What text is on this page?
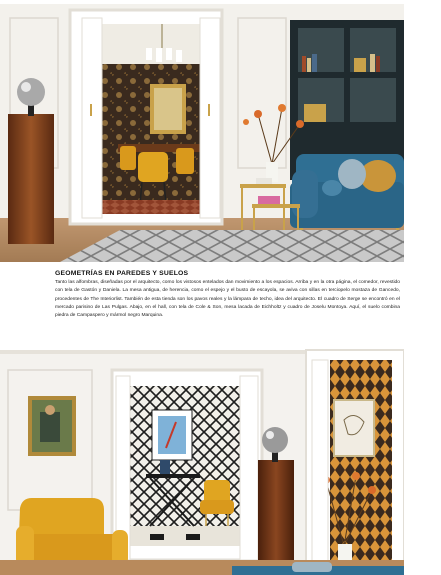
GEOMETRÍAS EN PAREDES Y SUELOS
Tanto las alfombras, diseñadas por el arquitecto, como los vistosos entelados dan movimiento a los espacios. Arriba y en la otra página, el comedor, revestido con tela de Gastón y Daniela. La mesa antigua, de herencia, como el espejo y el busto de escayola, se aviva con sillas en terciopelo mostaza de Gancedo, procedentes de The Interiorlist. También de esta tienda son los pavos reales y la lámpara de techo, idea del arquitecto. El cuadro de Serge se encontró en el mercado parisino de Las Pulgas. Abajo, en el hall, con tela de Cole & Son, mesa lacada de Eichholtz y cuadro de Joselu Montoya. Aquí, el suelo combina piedra de Campaspero y mármol negro Marquina.
